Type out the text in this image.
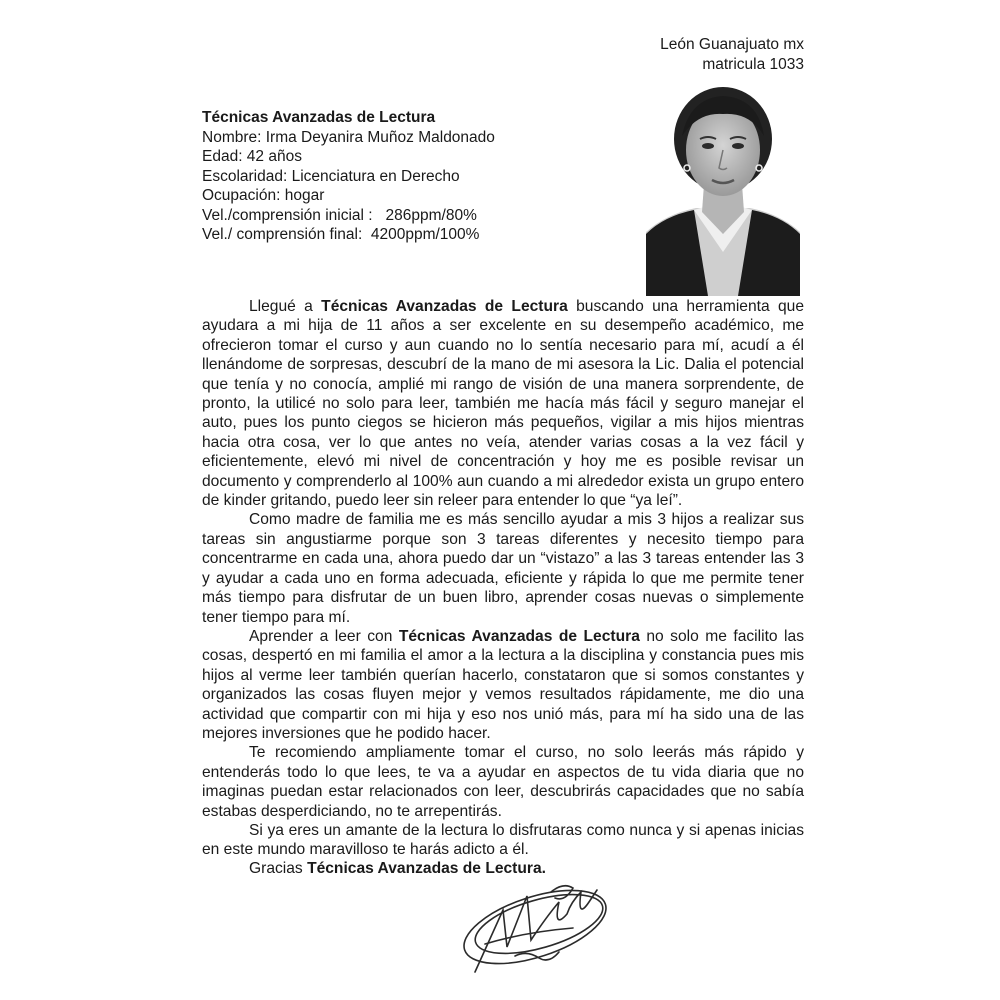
León Guanajuato mx
matricula 1033
Técnicas Avanzadas de Lectura
Nombre: Irma Deyanira Muñoz Maldonado
Edad: 42 años
Escolaridad: Licenciatura en Derecho
Ocupación: hogar
Vel./comprensión inicial :   286ppm/80%
Vel./ comprensión final:  4200ppm/100%

Llegué a Técnicas Avanzadas de Lectura buscando una herramienta que ayudara a mi hija de 11 años a ser excelente en su desempeño académico, me ofrecieron tomar el curso y aun cuando no lo sentía necesario para mí, acudí a él llenándome de sorpresas, descubrí de la mano de mi asesora la Lic. Dalia el potencial que tenía y no conocía, amplié mi rango de visión de una manera sorprendente, de pronto, la utilicé no solo para leer, también me hacía más fácil y seguro manejar el auto, pues los punto ciegos se hicieron más pequeños, vigilar a mis hijos mientras hacia otra cosa, ver lo que antes no veía, atender varias cosas a la vez fácil y eficientemente, elevó mi nivel de concentración y hoy me es posible revisar un documento y comprenderlo al 100% aun cuando a mi alrededor exista un grupo entero de kinder gritando, puedo leer sin releer para entender lo que “ya leí”.

Como madre de familia me es más sencillo ayudar a mis 3 hijos a realizar sus tareas sin angustiarme porque son 3 tareas diferentes y necesito tiempo para concentrarme en cada una, ahora puedo dar un “vistazo” a las 3 tareas entender las 3 y ayudar a cada uno en forma adecuada, eficiente y rápida lo que me permite tener más tiempo para disfrutar de un buen libro, aprender cosas nuevas o simplemente tener tiempo para mí.

Aprender a leer con Técnicas Avanzadas de Lectura no solo me facilito las cosas, despertó en mi familia el amor a la lectura a la disciplina y constancia pues mis hijos al verme leer también querían hacerlo, constataron que si somos constantes y organizados las cosas fluyen mejor y vemos resultados rápidamente, me dio una actividad que compartir con mi hija y eso nos unió más, para mí ha sido una de las mejores inversiones que he podido hacer.

Te recomiendo ampliamente tomar el curso, no solo leerás más rápido y entenderás todo lo que lees, te va a ayudar en aspectos de tu vida diaria que no imaginas puedan estar relacionados con leer, descubrirás capacidades que no sabía estabas desperdiciando, no te arrepentirás.

Si ya eres un amante de la lectura lo disfrutaras como nunca y si apenas inicias en este mundo maravilloso te harás adicto a él.

Gracias Técnicas Avanzadas de Lectura.
